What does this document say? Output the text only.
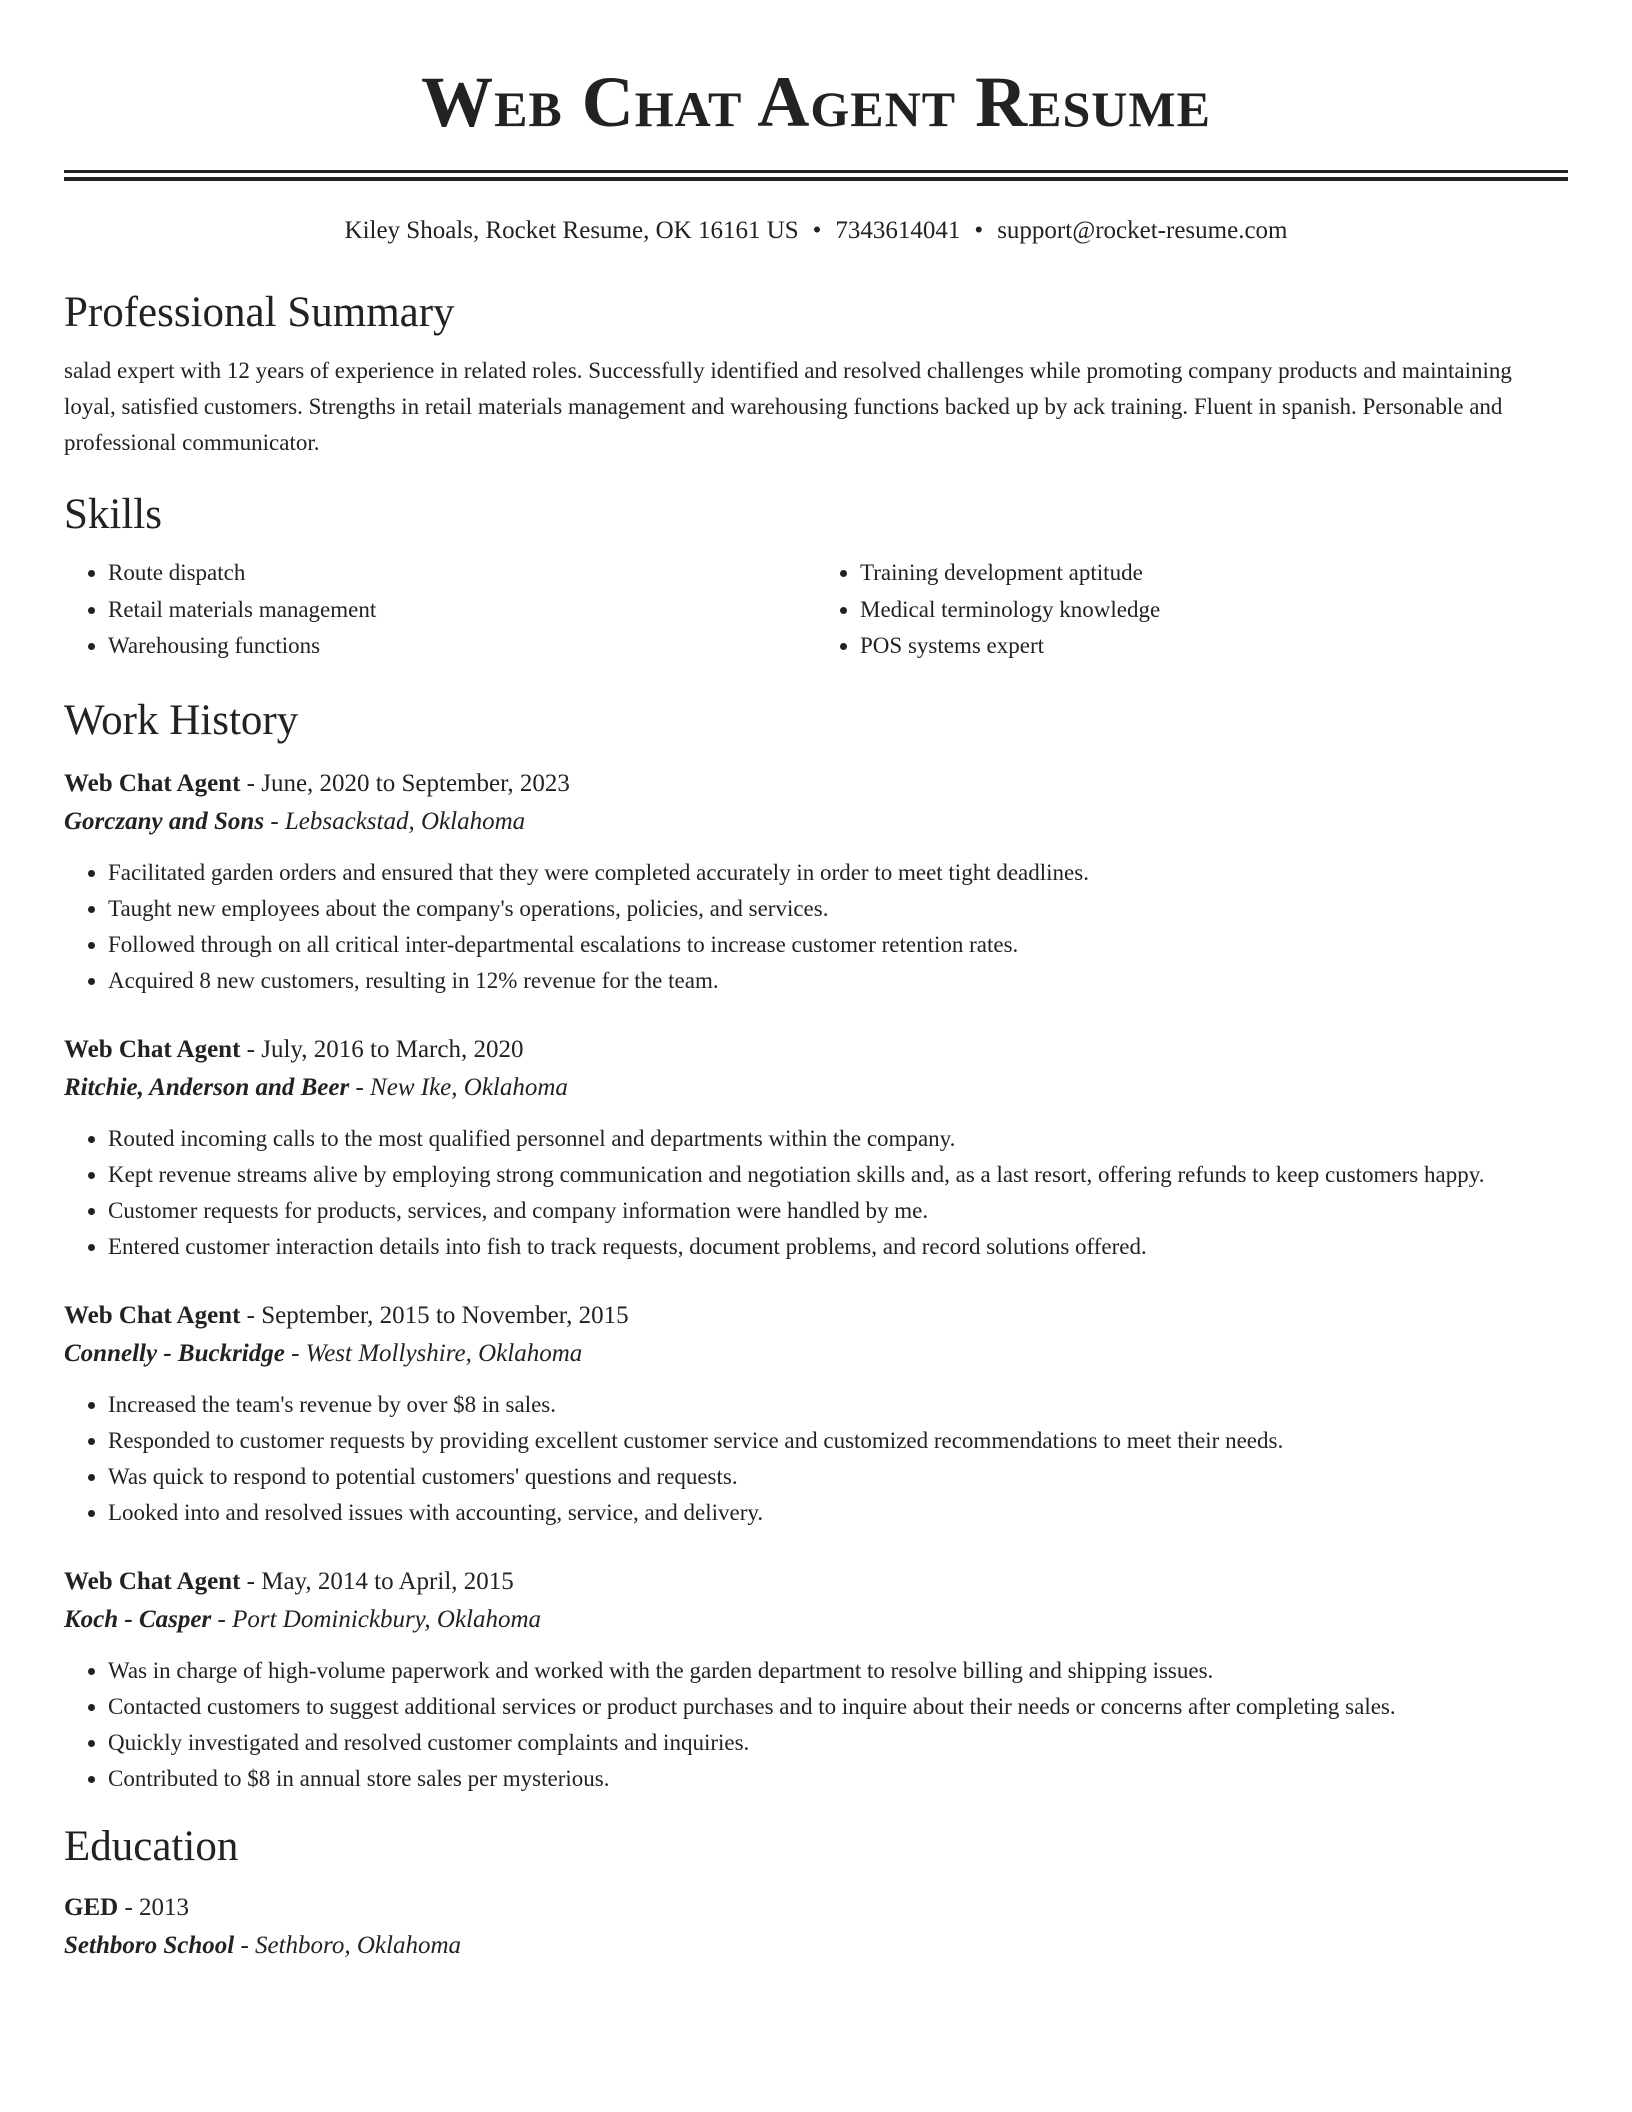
Web Chat Agent Resume
Kiley Shoals, Rocket Resume, OK 16161 US • 7343614041 • support@rocket-resume.com
Professional Summary

salad expert with 12 years of experience in related roles. Successfully identified and resolved challenges while promoting company products and maintaining loyal, satisfied customers. Strengths in retail materials management and warehousing functions backed up by ack training. Fluent in spanish. Personable and professional communicator.

Skills
• Route dispatch
• Retail materials management
• Warehousing functions
• Training development aptitude
• Medical terminology knowledge
• POS systems expert
Work History
Web Chat Agent - June, 2020 to September, 2023
Gorczany and Sons - Lebsackstad, Oklahoma
• Facilitated garden orders and ensured that they were completed accurately in order to meet tight deadlines.
• Taught new employees about the company's operations, policies, and services.
• Followed through on all critical inter-departmental escalations to increase customer retention rates.
• Acquired 8 new customers, resulting in 12% revenue for the team.
Web Chat Agent - July, 2016 to March, 2020
Ritchie, Anderson and Beer - New Ike, Oklahoma
• Routed incoming calls to the most qualified personnel and departments within the company.
• Kept revenue streams alive by employing strong communication and negotiation skills and, as a last resort, offering refunds to keep customers happy.
• Customer requests for products, services, and company information were handled by me.
• Entered customer interaction details into fish to track requests, document problems, and record solutions offered.
Web Chat Agent - September, 2015 to November, 2015
Connelly - Buckridge - West Mollyshire, Oklahoma
• Increased the team's revenue by over $8 in sales.
• Responded to customer requests by providing excellent customer service and customized recommendations to meet their needs.
• Was quick to respond to potential customers' questions and requests.
• Looked into and resolved issues with accounting, service, and delivery.
Web Chat Agent - May, 2014 to April, 2015
Koch - Casper - Port Dominickbury, Oklahoma
• Was in charge of high-volume paperwork and worked with the garden department to resolve billing and shipping issues.
• Contacted customers to suggest additional services or product purchases and to inquire about their needs or concerns after completing sales.
• Quickly investigated and resolved customer complaints and inquiries.
• Contributed to $8 in annual store sales per mysterious.
Education
GED - 2013
Sethboro School - Sethboro, Oklahoma
